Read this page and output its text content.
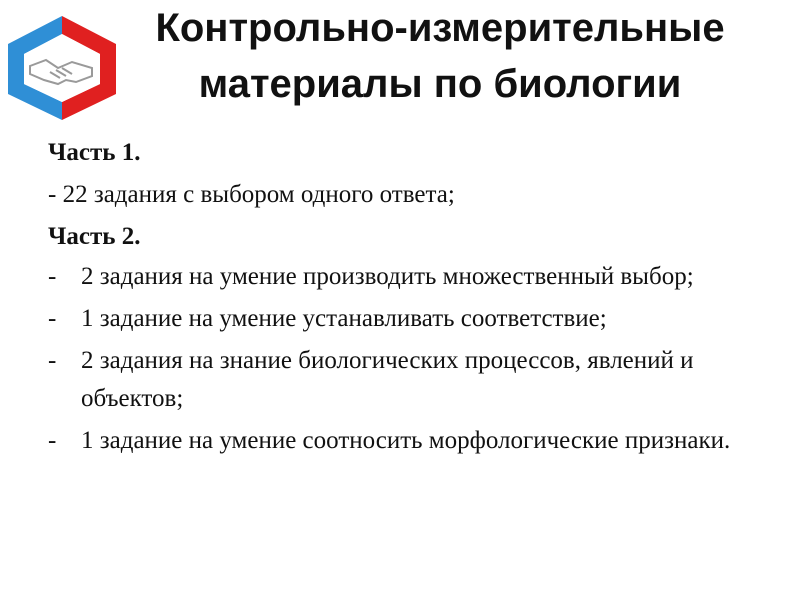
Контрольно-измерительные
материалы по биологии
Часть 1.
- 22 задания с выбором одного ответа;
Часть 2.
- 2 задания на умение производить множественный выбор;
- 1 задание на умение устанавливать соответствие;
- 2 задания на знание биологических процессов, явлений и объектов;
- 1 задание на умение соотносить морфологические признаки.
